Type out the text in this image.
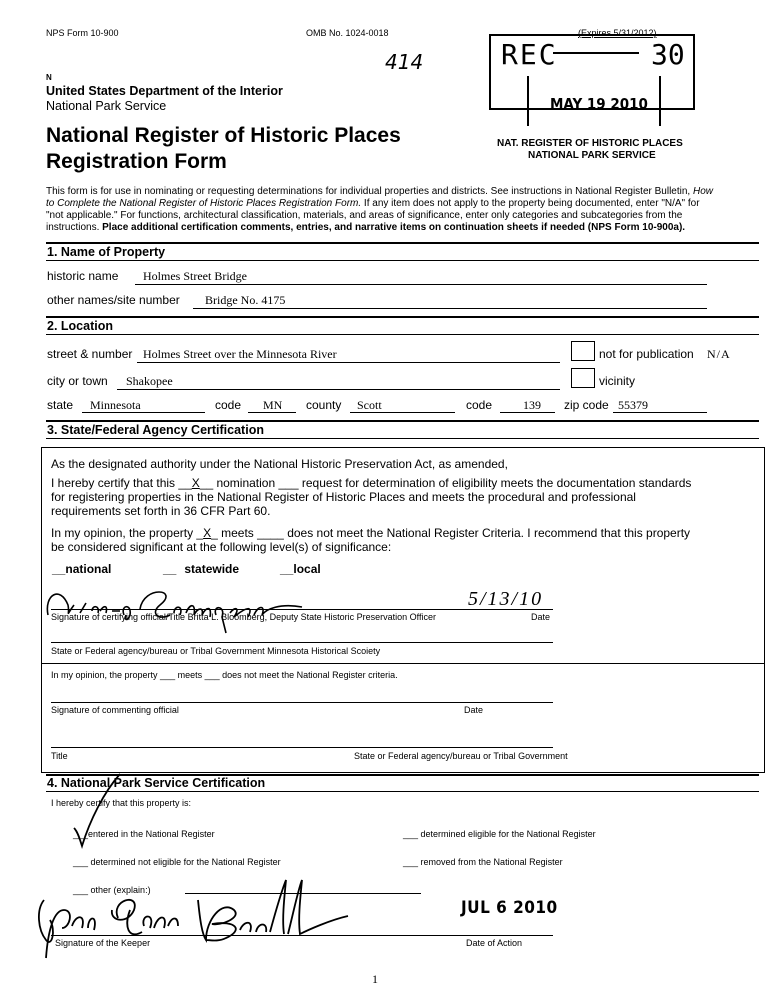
NPS Form 10-900	OMB No. 1024-0018	(Expires 5/31/2012)
414
N
United States Department of the Interior
National Park Service
National Register of Historic Places
Registration Form
REC	30
MAY 19 2010
NAT. REGISTER OF HISTORIC PLACES
NATIONAL PARK SERVICE
This form is for use in nominating or requesting determinations for individual properties and districts. See instructions in National Register Bulletin, How
to Complete the National Register of Historic Places Registration Form. If any item does not apply to the property being documented, enter "N/A" for
"not applicable." For functions, architectural classification, materials, and areas of significance, enter only categories and subcategories from the
instructions. Place additional certification comments, entries, and narrative items on continuation sheets if needed (NPS Form 10-900a).
1. Name of Property
historic name Holmes Street Bridge
other names/site number Bridge No. 4175
2. Location
street & number Holmes Street over the Minnesota River	not for publication N/A
city or town Shakopee	vicinity
state Minnesota	code MN county Scott	code	139 zip code 55379
3. State/Federal Agency Certification
As the designated authority under the National Historic Preservation Act, as amended,
I hereby certify that this __X__ nomination ___ request for determination of eligibility meets the documentation standards
for registering properties in the National Register of Historic Places and meets the procedural and professional
requirements set forth in 36 CFR Part 60.
In my opinion, the property _X_ meets ____ does not meet the National Register Criteria. I recommend that this property
be considered significant at the following level(s) of significance:
__national	__ statewide	__local
5/13/10
Signature of certifying official/Title Britta L. Bloomberg, Deputy State Historic Preservation Officer	Date
State or Federal agency/bureau or Tribal Government Minnesota Historical Scoiety
In my opinion, the property ___ meets ___ does not meet the National Register criteria.
Signature of commenting official	Date
Title	State or Federal agency/bureau or Tribal Government
4. National Park Service Certification
I hereby certify that this property is:
___entered in the National Register	___ determined eligible for the National Register
___ determined not eligible for the National Register	___ removed from the National Register
___ other (explain:)
JUL 6 2010
Signature of the Keeper	Date of Action
1
